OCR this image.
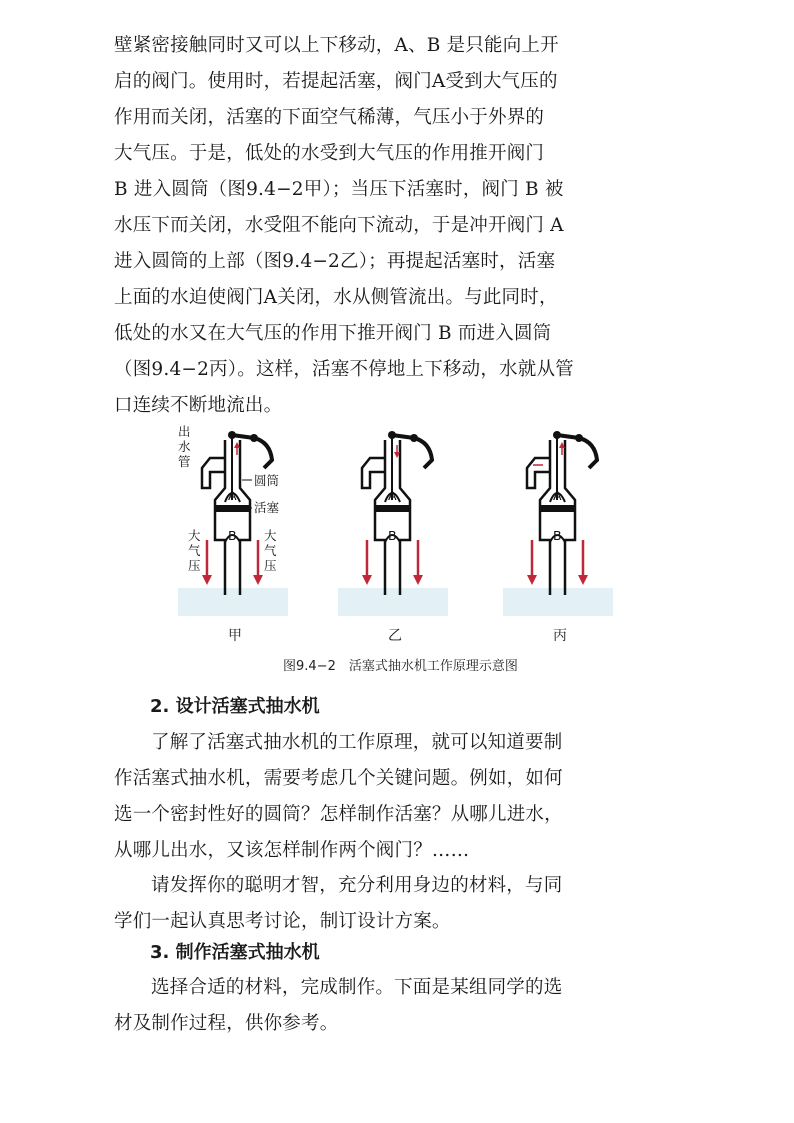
壁紧密接触同时又可以上下移动，A、B 是只能向上开
启的阀门。使用时，若提起活塞，阀门A受到大气压的
作用而关闭，活塞的下面空气稀薄，气压小于外界的
大气压。于是，低处的水受到大气压的作用推开阀门
B 进入圆筒（图9.4−2甲）；当压下活塞时，阀门 B 被
水压下而关闭，水受阻不能向下流动，于是冲开阀门 A
进入圆筒的上部（图9.4−2乙）；再提起活塞时，活塞
上面的水迫使阀门A关闭，水从侧管流出。与此同时，
低处的水又在大气压的作用下推开阀门 B 而进入圆筒
（图9.4−2丙）。这样，活塞不停地上下移动，水就从管
口连续不断地流出。

A
B
出
水
管
圆筒
活塞
大
气
压
大
气
压
甲
A
B
乙
A
B
丙
图9.4−2　活塞式抽水机工作原理示意图
2. 设计活塞式抽水机

了解了活塞式抽水机的工作原理，就可以知道要制
作活塞式抽水机，需要考虑几个关键问题。例如，如何
选一个密封性好的圆筒？怎样制作活塞？从哪儿进水，
从哪儿出水，又该怎样制作两个阀门？……

请发挥你的聪明才智，充分利用身边的材料，与同
学们一起认真思考讨论，制订设计方案。

3. 制作活塞式抽水机

选择合适的材料，完成制作。下面是某组同学的选
材及制作过程，供你参考。
